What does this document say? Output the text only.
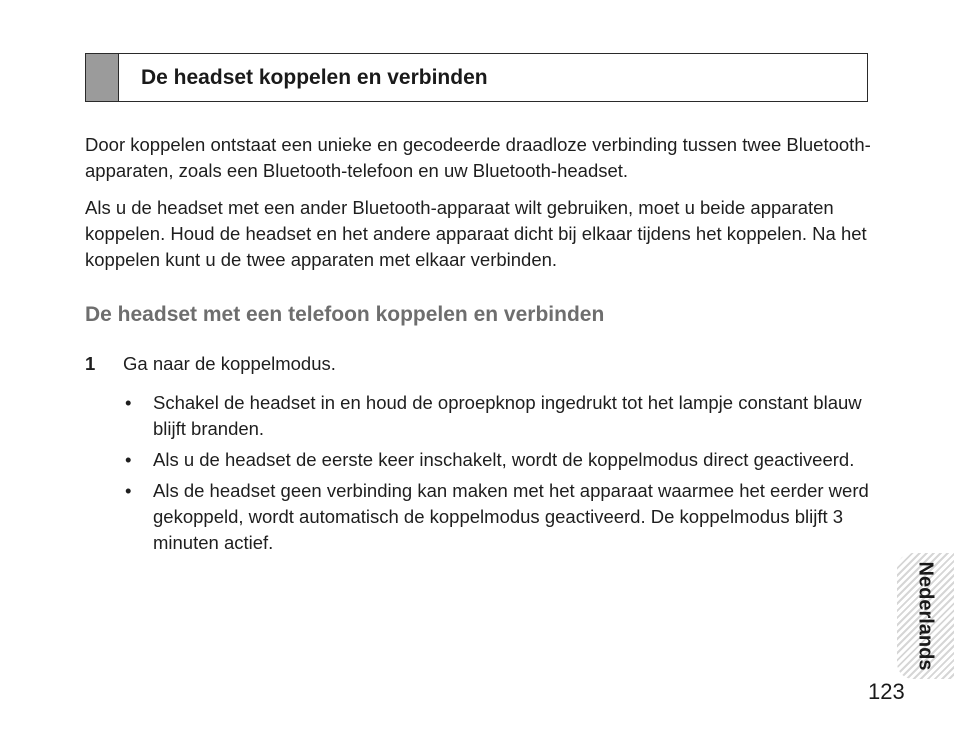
De headset koppelen en verbinden

Door koppelen ontstaat een unieke en gecodeerde draadloze verbinding tussen twee Bluetooth-apparaten, zoals een Bluetooth-telefoon en uw Bluetooth-headset.

Als u de headset met een ander Bluetooth-apparaat wilt gebruiken, moet u beide apparaten koppelen. Houd de headset en het andere apparaat dicht bij elkaar tijdens het koppelen. Na het koppelen kunt u de twee apparaten met elkaar verbinden.

De headset met een telefoon koppelen en verbinden
1	Ga naar de koppelmodus.
•	Schakel de headset in en houd de oproepknop ingedrukt tot het lampje constant blauw blijft branden.
•	Als u de headset de eerste keer inschakelt, wordt de koppelmodus direct geactiveerd.
•	Als de headset geen verbinding kan maken met het apparaat waarmee het eerder werd gekoppeld, wordt automatisch de koppelmodus geactiveerd. De koppelmodus blijft 3 minuten actief.
Nederlands
123
